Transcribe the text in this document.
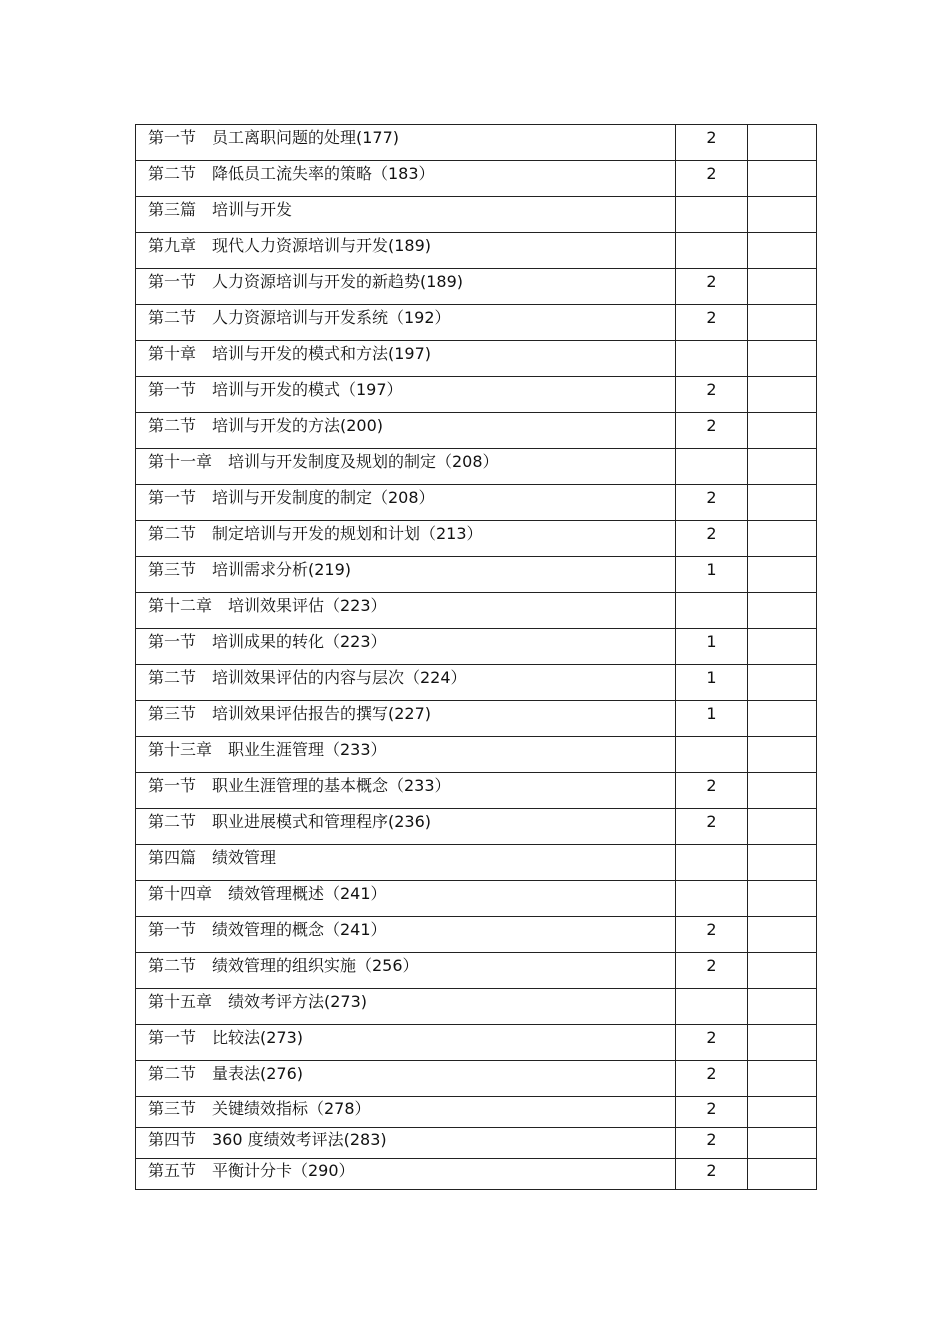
第一节　员工离职问题的处理(177)	2	
第二节　降低员工流失率的策略（183）	2	
第三篇　培训与开发		
第九章　现代人力资源培训与开发(189)		
第一节　人力资源培训与开发的新趋势(189)	2	
第二节　人力资源培训与开发系统（192）	2	
第十章　培训与开发的模式和方法(197)		
第一节　培训与开发的模式（197）	2	
第二节　培训与开发的方法(200)	2	
第十一章　培训与开发制度及规划的制定（208）		
第一节　培训与开发制度的制定（208）	2	
第二节　制定培训与开发的规划和计划（213）	2	
第三节　培训需求分析(219)	1	
第十二章　培训效果评估（223）		
第一节　培训成果的转化（223）	1	
第二节　培训效果评估的内容与层次（224）	1	
第三节　培训效果评估报告的撰写(227)	1	
第十三章　职业生涯管理（233）		
第一节　职业生涯管理的基本概念（233）	2	
第二节　职业进展模式和管理程序(236)	2	
第四篇　绩效管理		
第十四章　绩效管理概述（241）		
第一节　绩效管理的概念（241）	2	
第二节　绩效管理的组织实施（256）	2	
第十五章　绩效考评方法(273)		
第一节　比较法(273)	2	
第二节　量表法(276)	2	
第三节　关键绩效指标（278）	2	
第四节　360 度绩效考评法(283)	2	
第五节　平衡计分卡（290）	2	
